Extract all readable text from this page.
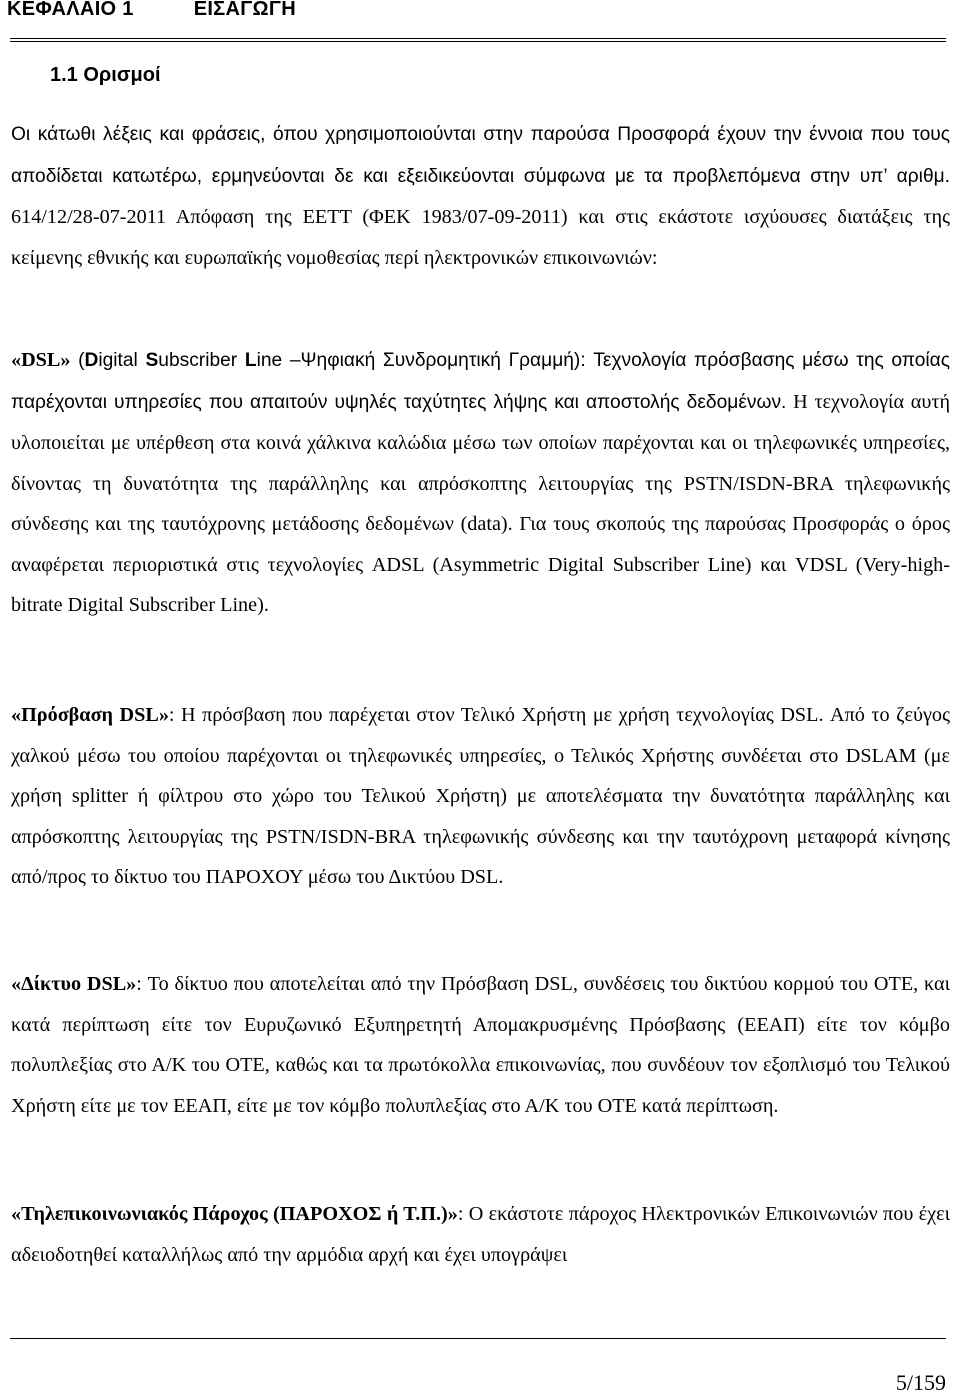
ΚΕΦΑΛΑΙΟ 1	ΕΙΣΑΓΩΓΗ
1.1 Ορισμοί

Οι κάτωθι λέξεις και φράσεις, όπου χρησιμοποιούνται στην παρούσα Προσφορά έχουν την έννοια που τους αποδίδεται κατωτέρω, ερμηνεύονται δε και εξειδικεύονται σύμφωνα με τα προβλεπόμενα στην υπ’ αριθμ. 614/12/28-07-2011 Απόφαση της ΕΕΤΤ (ΦΕΚ 1983/07-09-2011) και στις εκάστοτε ισχύουσες διατάξεις της κείμενης εθνικής και ευρωπαϊκής νομοθεσίας περί ηλεκτρονικών επικοινωνιών:

«DSL» (Digital Subscriber Line –Ψηφιακή Συνδρομητική Γραμμή): Τεχνολογία πρόσβασης μέσω της οποίας παρέχονται υπηρεσίες που απαιτούν υψηλές ταχύτητες λήψης και αποστολής δεδομένων. Η τεχνολογία αυτή υλοποιείται με υπέρθεση στα κοινά χάλκινα καλώδια μέσω των οποίων παρέχονται και οι τηλεφωνικές υπηρεσίες, δίνοντας τη δυνατότητα της παράλληλης και απρόσκοπτης λειτουργίας της PSTN/ISDN-BRA τηλεφωνικής σύνδεσης και της ταυτόχρονης μετάδοσης δεδομένων (data). Για τους σκοπούς της παρούσας Προσφοράς ο όρος αναφέρεται περιοριστικά στις τεχνολογίες ADSL (Asymmetric Digital Subscriber Line) και VDSL (Very-high-bitrate Digital Subscriber Line).

«Πρόσβαση DSL»: Η πρόσβαση που παρέχεται στον Τελικό Χρήστη με χρήση τεχνολογίας DSL. Από το ζεύγος χαλκού μέσω του οποίου παρέχονται οι τηλεφωνικές υπηρεσίες, ο Τελικός Χρήστης συνδέεται στο DSLAM (με χρήση splitter ή φίλτρου στο χώρο του Τελικού Χρήστη) με αποτελέσματα την δυνατότητα παράλληλης και απρόσκοπτης λειτουργίας της PSTN/ISDN-BRA τηλεφωνικής σύνδεσης και την ταυτόχρονη μεταφορά κίνησης από/προς το δίκτυο του ΠΑΡΟΧΟΥ μέσω του Δικτύου DSL.

«Δίκτυο DSL»: Το δίκτυο που αποτελείται από την Πρόσβαση DSL, συνδέσεις του δικτύου κορμού του ΟΤΕ, και κατά περίπτωση είτε τον Ευρυζωνικό Εξυπηρετητή Απομακρυσμένης Πρόσβασης (ΕΕΑΠ) είτε τον κόμβο πολυπλεξίας στο Α/Κ του ΟΤΕ, καθώς και τα πρωτόκολλα επικοινωνίας, που συνδέουν τον εξοπλισμό του Τελικού Χρήστη είτε με τον ΕΕΑΠ, είτε με τον κόμβο πολυπλεξίας στο Α/Κ του ΟΤΕ κατά περίπτωση.

«Τηλεπικοινωνιακός Πάροχος (ΠΑΡΟΧΟΣ ή Τ.Π.)»: Ο εκάστοτε πάροχος Ηλεκτρονικών Επικοινωνιών που έχει αδειοδοτηθεί καταλλήλως από την αρμόδια αρχή και έχει υπογράψει

5/159
